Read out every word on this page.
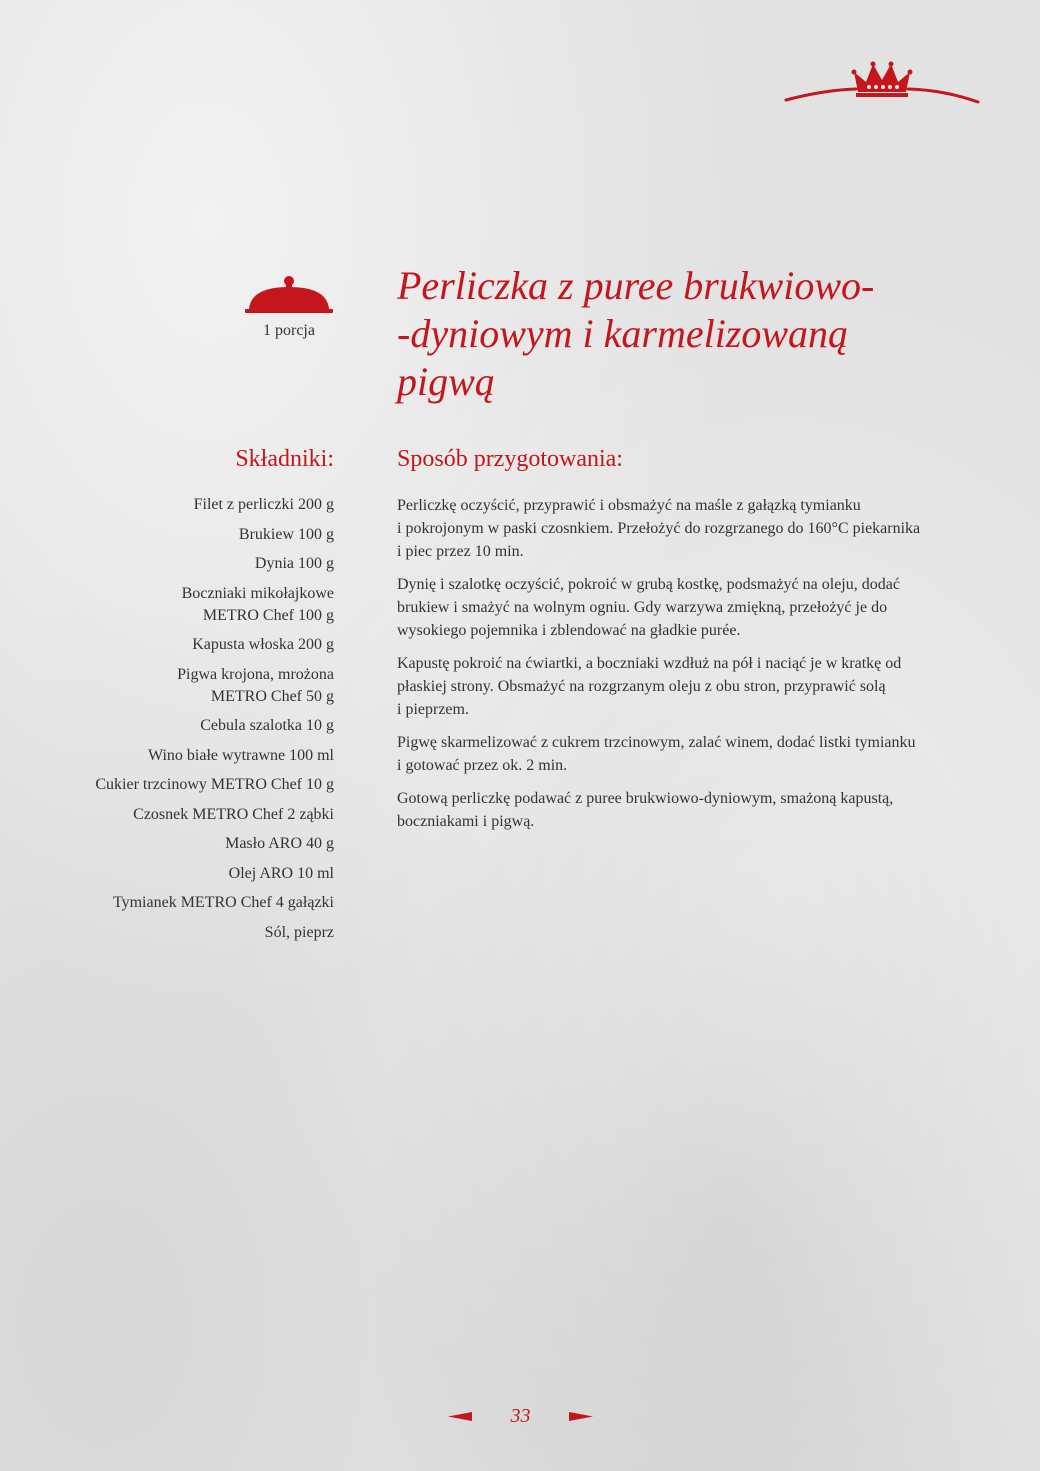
1 porcja
Perliczka z puree brukwiowo-
-dyniowym i karmelizowaną
pigwą
Składniki:
Filet z perliczki 200 g
Brukiew 100 g
Dynia 100 g
Boczniaki mikołajkowe
METRO Chef 100 g
Kapusta włoska 200 g
Pigwa krojona, mrożona
METRO Chef 50 g
Cebula szalotka 10 g
Wino białe wytrawne 100 ml
Cukier trzcinowy METRO Chef 10 g
Czosnek METRO Chef 2 ząbki
Masło ARO 40 g
Olej ARO 10 ml
Tymianek METRO Chef 4 gałązki
Sól, pieprz
Sposób przygotowania:

Perliczkę oczyścić, przyprawić i obsmażyć na maśle z gałązką tymianku
i pokrojonym w paski czosnkiem. Przełożyć do rozgrzanego do 160°C piekarnika
i piec przez 10 min.

Dynię i szalotkę oczyścić, pokroić w grubą kostkę, podsmażyć na oleju, dodać
brukiew i smażyć na wolnym ogniu. Gdy warzywa zmiękną, przełożyć je do
wysokiego pojemnika i zblendować na gładkie purée.

Kapustę pokroić na ćwiartki, a boczniaki wzdłuż na pół i naciąć je w kratkę od
płaskiej strony. Obsmażyć na rozgrzanym oleju z obu stron, przyprawić solą
i pieprzem.

Pigwę skarmelizować z cukrem trzcinowym, zalać winem, dodać listki tymianku
i gotować przez ok. 2 min.

Gotową perliczkę podawać z puree brukwiowo-dyniowym, smażoną kapustą,
boczniakami i pigwą.

33
